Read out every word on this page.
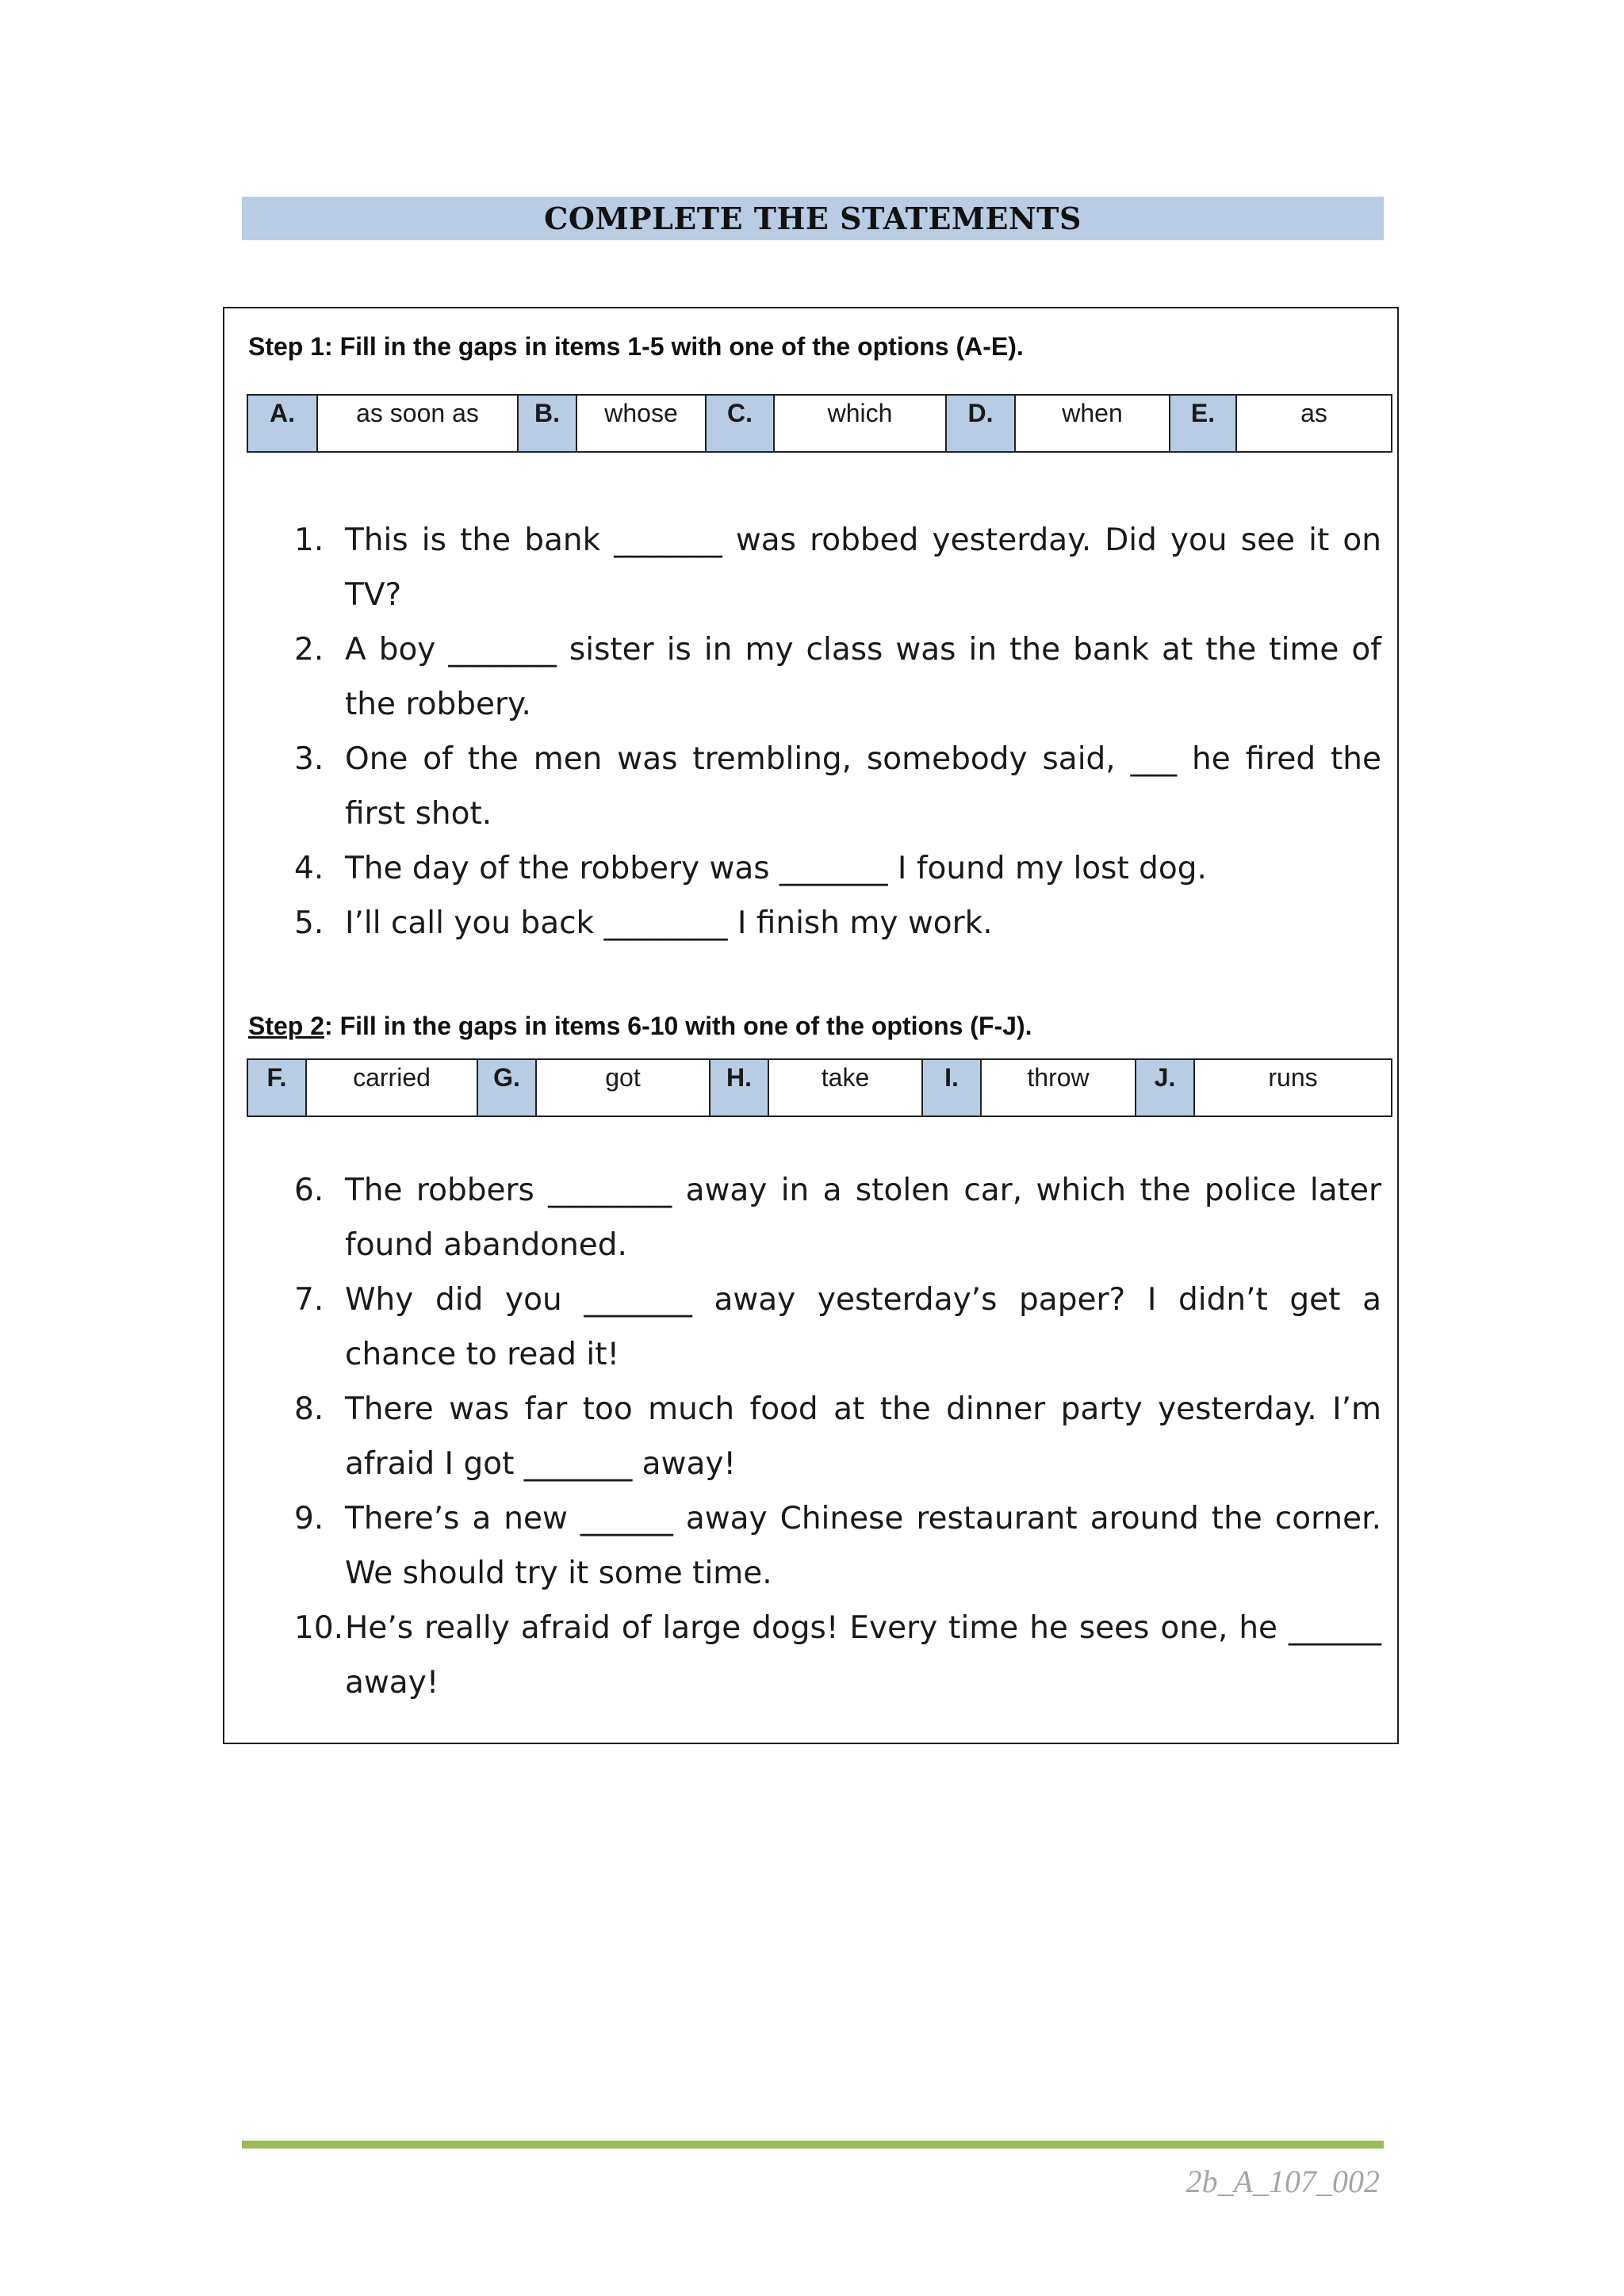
COMPLETE THE STATEMENTS
Step 1: Fill in the gaps in items 1-5 with one of the options (A-E).
A.	as soon as	B.	whose	C.	which	D.	when	E.	as
1. This is the bank _______ was robbed yesterday. Did you see it on TV?
2. A boy _______ sister is in my class was in the bank at the time of the robbery.
3. One of the men was trembling, somebody said, ___ he fired the first shot.
4. The day of the robbery was _______ I found my lost dog.
5. I’ll call you back ________ I finish my work.
Step 2: Fill in the gaps in items 6-10 with one of the options (F-J).
F.	carried	G.	got	H.	take	I.	throw	J.	runs
6. The robbers ________ away in a stolen car, which the police later found abandoned.
7. Why did you _______ away yesterday’s paper? I didn’t get a chance to read it!
8. There was far too much food at the dinner party yesterday. I’m afraid I got _______ away!
9. There’s a new ______ away Chinese restaurant around the corner. We should try it some time.
10. He’s really afraid of large dogs! Every time he sees one, he ______ away!
2b_A_107_002
